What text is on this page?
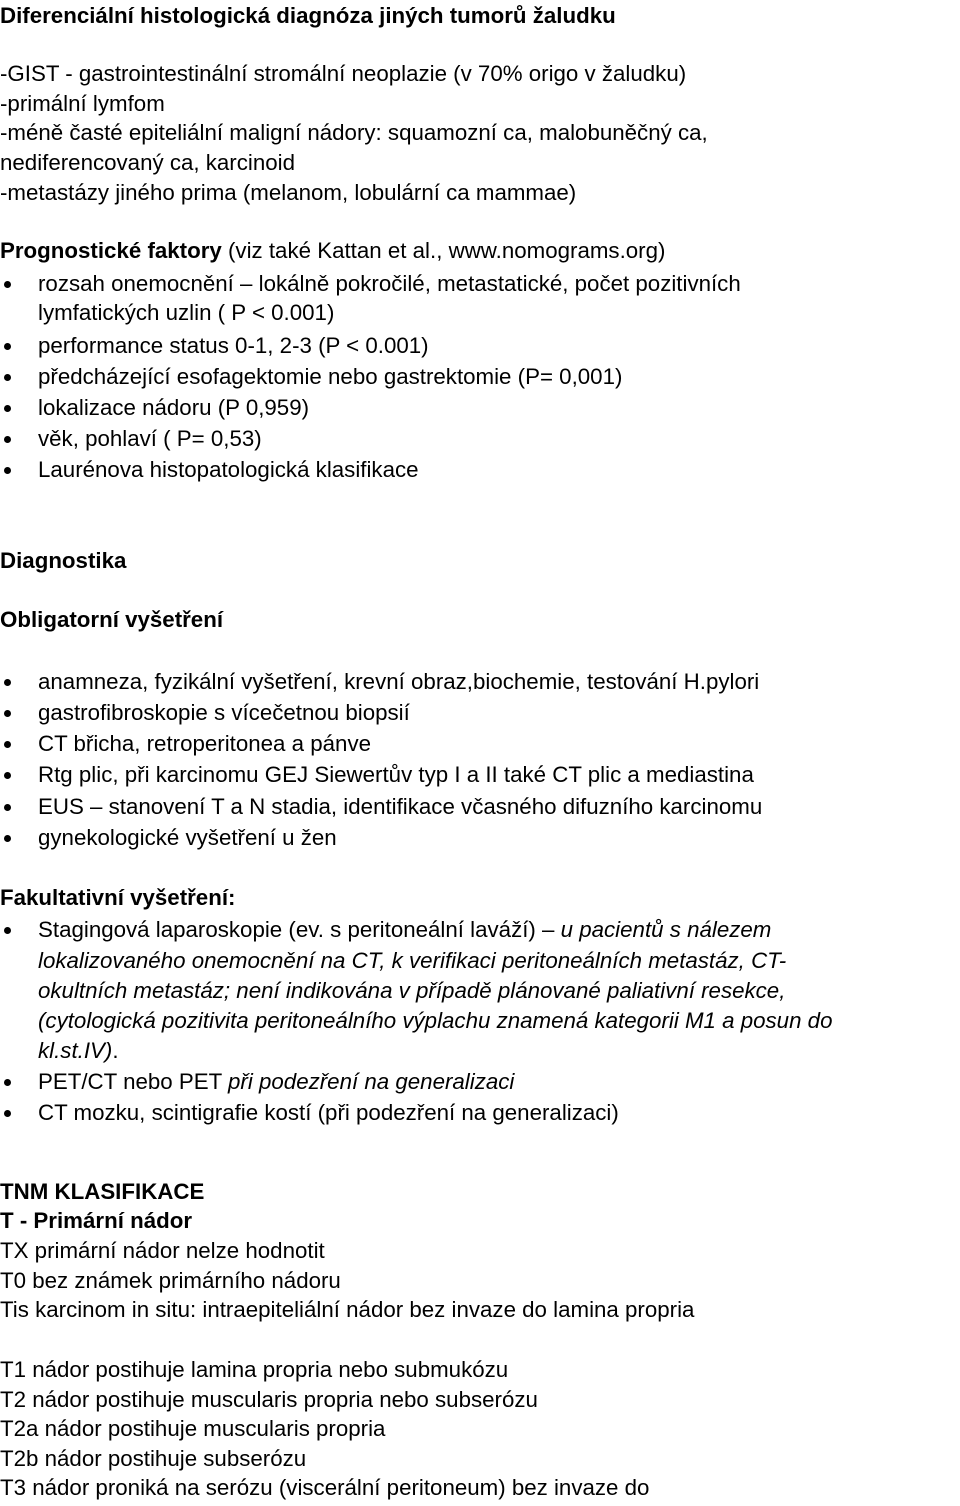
Diferenciální histologická diagnóza jiných tumorů žaludku
-GIST - gastrointestinální stromální neoplazie (v 70% origo v žaludku)
-primální lymfom
-méně časté epiteliální maligní nádory: squamozní ca, malobuněčný ca,
nediferencovaný ca, karcinoid
-metastázy jiného prima (melanom, lobulární ca mammae)
Prognostické faktory (viz také Kattan et al., www.nomograms.org)
rozsah onemocnění – lokálně pokročilé, metastatické, počet pozitivních
lymfatických uzlin ( P < 0.001)
performance status 0-1, 2-3 (P < 0.001)
předcházející esofagektomie nebo gastrektomie (P= 0,001)
lokalizace nádoru (P 0,959)
věk, pohlaví ( P= 0,53)
Laurénova histopatologická klasifikace
Diagnostika
Obligatorní vyšetření
anamneza, fyzikální vyšetření, krevní obraz,biochemie, testování H.pylori
gastrofibroskopie s vícečetnou biopsií
CT břicha, retroperitonea a pánve
Rtg plic, při karcinomu GEJ Siewertův typ I a II také CT plic a mediastina
EUS – stanovení T a N stadia, identifikace včasného difuzního karcinomu
gynekologické vyšetření u žen
Fakultativní vyšetření:
Stagingová laparoskopie (ev. s peritoneální laváží) – u pacientů s nálezem
lokalizovaného onemocnění na CT, k verifikaci peritoneálních metastáz, CT-
okultních metastáz; není indikována v případě plánované paliativní resekce,
(cytologická pozitivita peritoneálního výplachu znamená kategorii M1 a posun do
kl.st.IV).
PET/CT nebo PET při podezření na generalizaci
CT mozku, scintigrafie kostí (při podezření na generalizaci)
TNM KLASIFIKACE
T - Primární nádor
TX primární nádor nelze hodnotit
T0 bez známek primárního nádoru
Tis karcinom in situ: intraepiteliální nádor bez invaze do lamina propria
T1 nádor postihuje lamina propria nebo submukózu
T2 nádor postihuje muscularis propria nebo subserózu
T2a nádor postihuje muscularis propria
T2b nádor postihuje subserózu
T3 nádor proniká na serózu (viscerální peritoneum) bez invaze do
